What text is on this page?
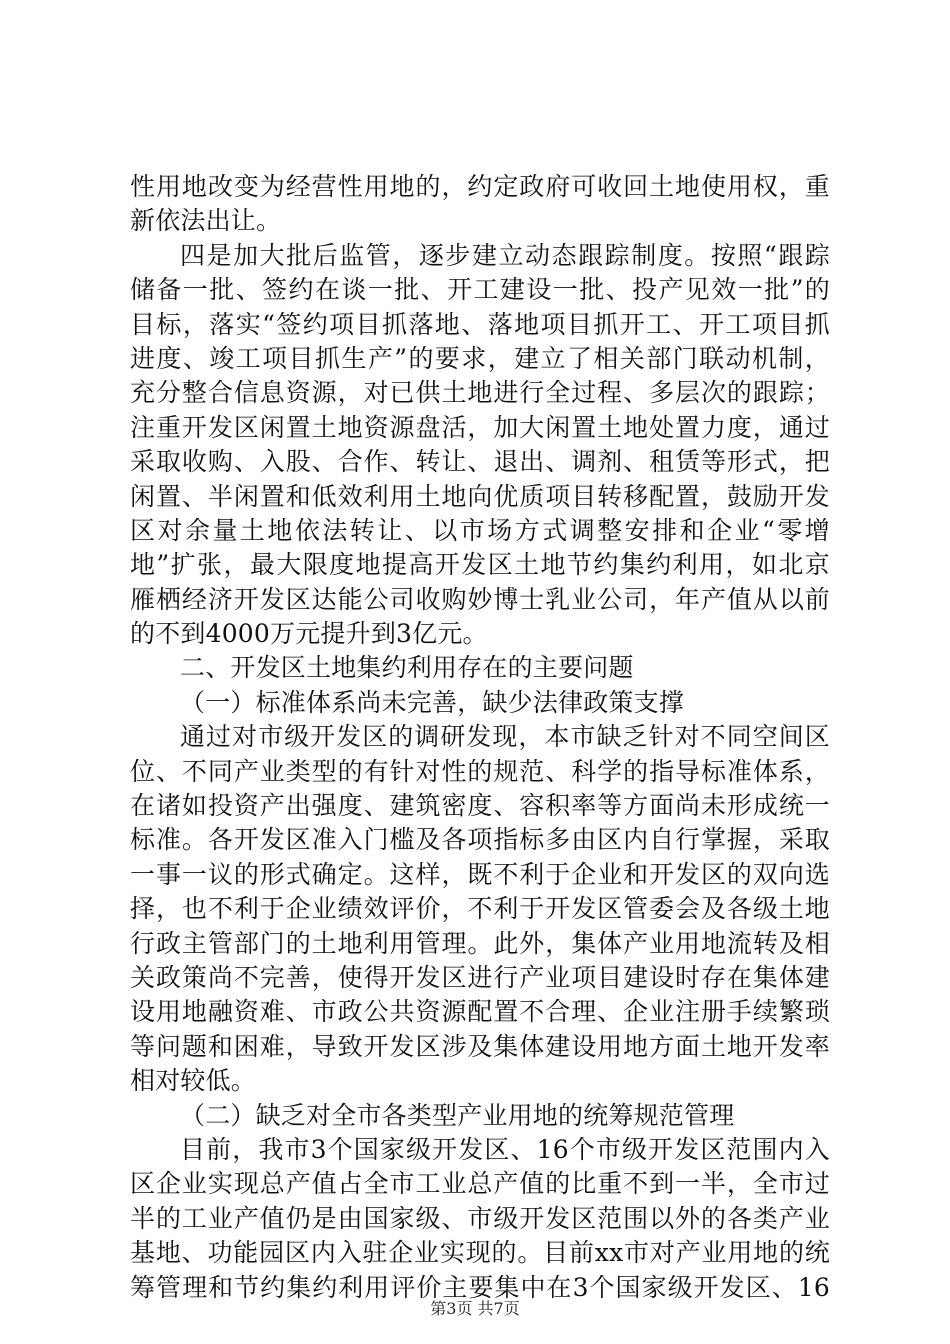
性用地改变为经营性用地的，约定政府可收回土地使用权，重
新依法出让。
四是加大批后监管，逐步建立动态跟踪制度。按照“跟踪
储备一批、签约在谈一批、开工建设一批、投产见效一批”的
目标，落实“签约项目抓落地、落地项目抓开工、开工项目抓
进度、竣工项目抓生产”的要求，建立了相关部门联动机制，
充分整合信息资源，对已供土地进行全过程、多层次的跟踪；
注重开发区闲置土地资源盘活，加大闲置土地处置力度，通过
采取收购、入股、合作、转让、退出、调剂、租赁等形式，把
闲置、半闲置和低效利用土地向优质项目转移配置，鼓励开发
区对余量土地依法转让、以市场方式调整安排和企业“零增
地”扩张，最大限度地提高开发区土地节约集约利用，如北京
雁栖经济开发区达能公司收购妙博士乳业公司，年产值从以前
的不到4000万元提升到3亿元。
二、开发区土地集约利用存在的主要问题
（一）标准体系尚未完善，缺少法律政策支撑
通过对市级开发区的调研发现，本市缺乏针对不同空间区
位、不同产业类型的有针对性的规范、科学的指导标准体系，
在诸如投资产出强度、建筑密度、容积率等方面尚未形成统一
标准。各开发区准入门槛及各项指标多由区内自行掌握，采取
一事一议的形式确定。这样，既不利于企业和开发区的双向选
择，也不利于企业绩效评价，不利于开发区管委会及各级土地
行政主管部门的土地利用管理。此外，集体产业用地流转及相
关政策尚不完善，使得开发区进行产业项目建设时存在集体建
设用地融资难、市政公共资源配置不合理、企业注册手续繁琐
等问题和困难，导致开发区涉及集体建设用地方面土地开发率
相对较低。
（二）缺乏对全市各类型产业用地的统筹规范管理
目前，我市3个国家级开发区、16个市级开发区范围内入
区企业实现总产值占全市工业总产值的比重不到一半，全市过
半的工业产值仍是由国家级、市级开发区范围以外的各类产业
基地、功能园区内入驻企业实现的。目前xx市对产业用地的统
筹管理和节约集约利用评价主要集中在3个国家级开发区、16
第3页 共7页
